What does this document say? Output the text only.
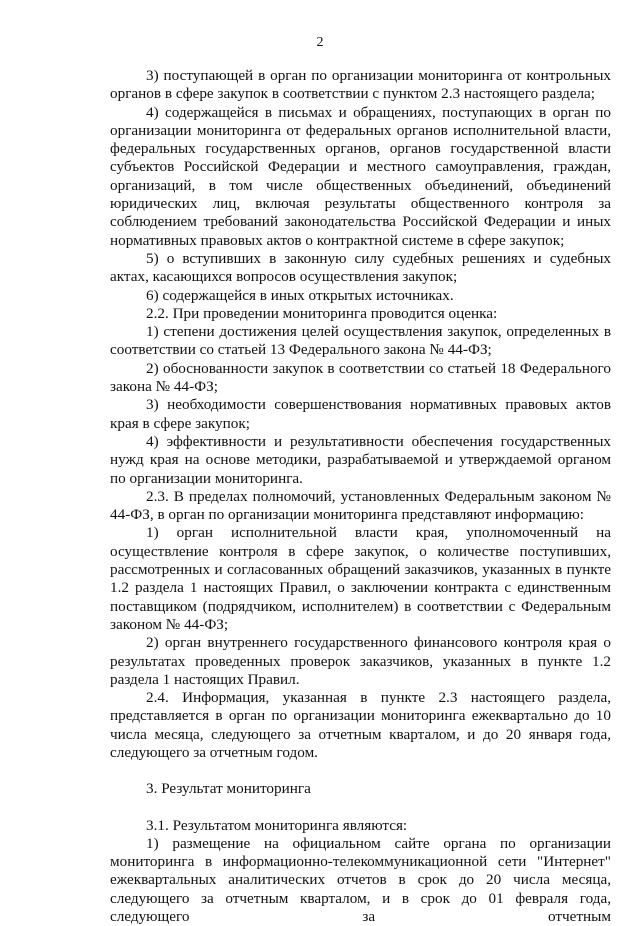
2

3) поступающей в орган по организации мониторинга от контрольных органов в сфере закупок в соответствии с пунктом 2.3 настоящего раздела;

4) содержащейся в письмах и обращениях, поступающих в орган по организации мониторинга от федеральных органов исполнительной власти, федеральных государственных органов, органов государственной власти субъектов Российской Федерации и местного самоуправления, граждан, организаций, в том числе общественных объединений, объединений юридических лиц, включая результаты общественного контроля за соблюдением требований законодательства Российской Федерации и иных нормативных правовых актов о контрактной системе в сфере закупок;

5) о вступивших в законную силу судебных решениях и судебных актах, касающихся вопросов осуществления закупок;

6) содержащейся в иных открытых источниках.

2.2. При проведении мониторинга проводится оценка:

1) степени достижения целей осуществления закупок, определенных в соответствии со статьей 13 Федерального закона № 44-ФЗ;

2) обоснованности закупок в соответствии со статьей 18 Федерального закона № 44-ФЗ;

3) необходимости совершенствования нормативных правовых актов края в сфере закупок;

4) эффективности и результативности обеспечения государственных нужд края на основе методики, разрабатываемой и утверждаемой органом по организации мониторинга.

2.3. В пределах полномочий, установленных Федеральным законом № 44-ФЗ, в орган по организации мониторинга представляют информацию:

1) орган исполнительной власти края, уполномоченный на осуществление контроля в сфере закупок, о количестве поступивших, рассмотренных и согласованных обращений заказчиков, указанных в пункте 1.2 раздела 1 настоящих Правил, о заключении контракта с единственным поставщиком (подрядчиком, исполнителем) в соответствии с Федеральным законом № 44-ФЗ;

2) орган внутреннего государственного финансового контроля края о результатах проведенных проверок заказчиков, указанных в пункте 1.2 раздела 1 настоящих Правил.

2.4. Информация, указанная в пункте 2.3 настоящего раздела, представляется в орган по организации мониторинга ежеквартально до 10 числа месяца, следующего за отчетным кварталом, и до 20 января года, следующего за отчетным годом.

3. Результат мониторинга

3.1. Результатом мониторинга являются:

1) размещение на официальном сайте органа по организации мониторинга в информационно-телекоммуникационной сети "Интернет" ежеквартальных аналитических отчетов в срок до 20 числа месяца, следующего за отчетным кварталом, и в срок до 01 февраля года, следующего за отчетным
